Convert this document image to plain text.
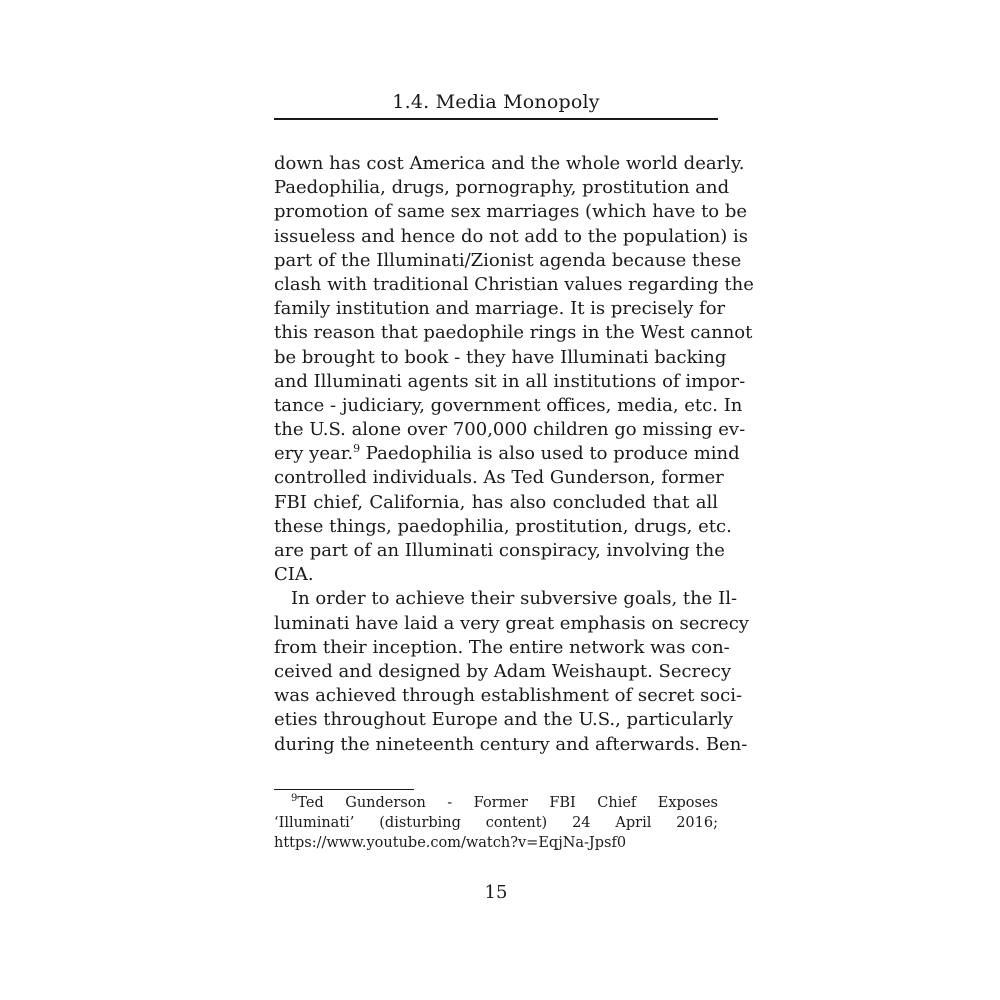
1.4. Media Monopoly
down has cost America and the whole world dearly.
Paedophilia, drugs, pornography, prostitution and
promotion of same sex marriages (which have to be
issueless and hence do not add to the population) is
part of the Illuminati/Zionist agenda because these
clash with traditional Christian values regarding the
family institution and marriage. It is precisely for
this reason that paedophile rings in the West cannot
be brought to book - they have Illuminati backing
and Illuminati agents sit in all institutions of impor-
tance - judiciary, government offices, media, etc. In
the U.S. alone over 700,000 children go missing ev-
ery year.$^9$ Paedophilia is also used to produce mind
controlled individuals. As Ted Gunderson, former
FBI chief, California, has also concluded that all
these things, paedophilia, prostitution, drugs, etc.
are part of an Illuminati conspiracy, involving the
CIA.
In order to achieve their subversive goals, the Il-
luminati have laid a very great emphasis on secrecy
from their inception. The entire network was con-
ceived and designed by Adam Weishaupt. Secrecy
was achieved through establishment of secret soci-
eties throughout Europe and the U.S., particularly
during the nineteenth century and afterwards. Ben-
$^9$Ted Gunderson - Former FBI Chief Exposes
‘Illuminati’ (disturbing content) 24 April 2016;
https://www.youtube.com/watch?v=EqjNa-Jpsf0
15
